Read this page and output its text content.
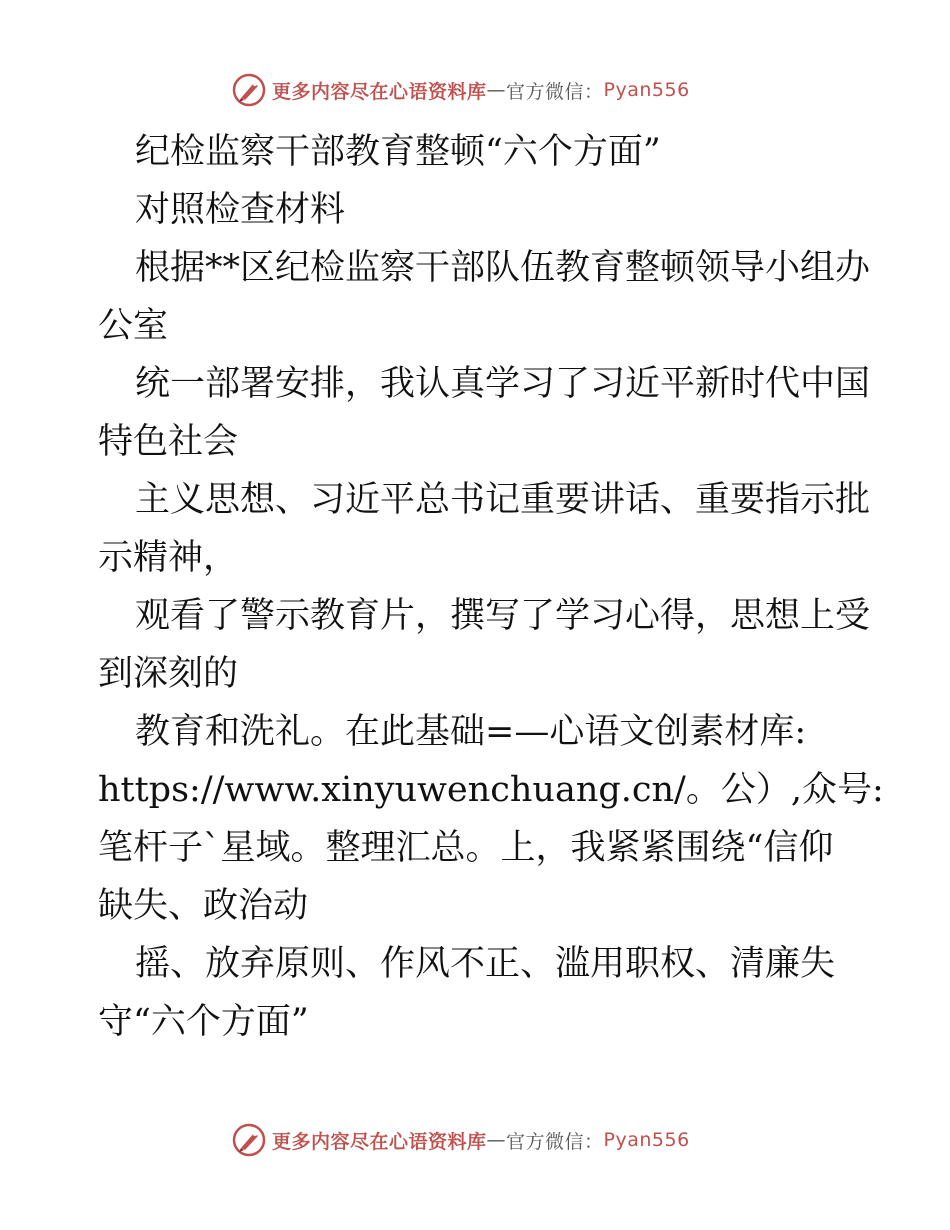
更多内容尽在心语资料库 — 官方微信： Pyan556
纪检监察干部教育整顿“六个方面”
对照检查材料
根据**区纪检监察干部队伍教育整顿领导小组办
公室
统一部署安排，我认真学习了习近平新时代中国
特色社会
主义思想、习近平总书记重要讲话、重要指示批
示精神，
观看了警示教育片，撰写了学习心得，思想上受
到深刻的
教育和洗礼。在此基础=—心语文创素材库:
https://www.xinyuwenchuang.cn/。公）,众号:
笔杆子`星域。整理汇总。上，我紧紧围绕“信仰
缺失、政治动
摇、放弃原则、作风不正、滥用职权、清廉失
守“六个方面”
更多内容尽在心语资料库 — 官方微信： Pyan556
